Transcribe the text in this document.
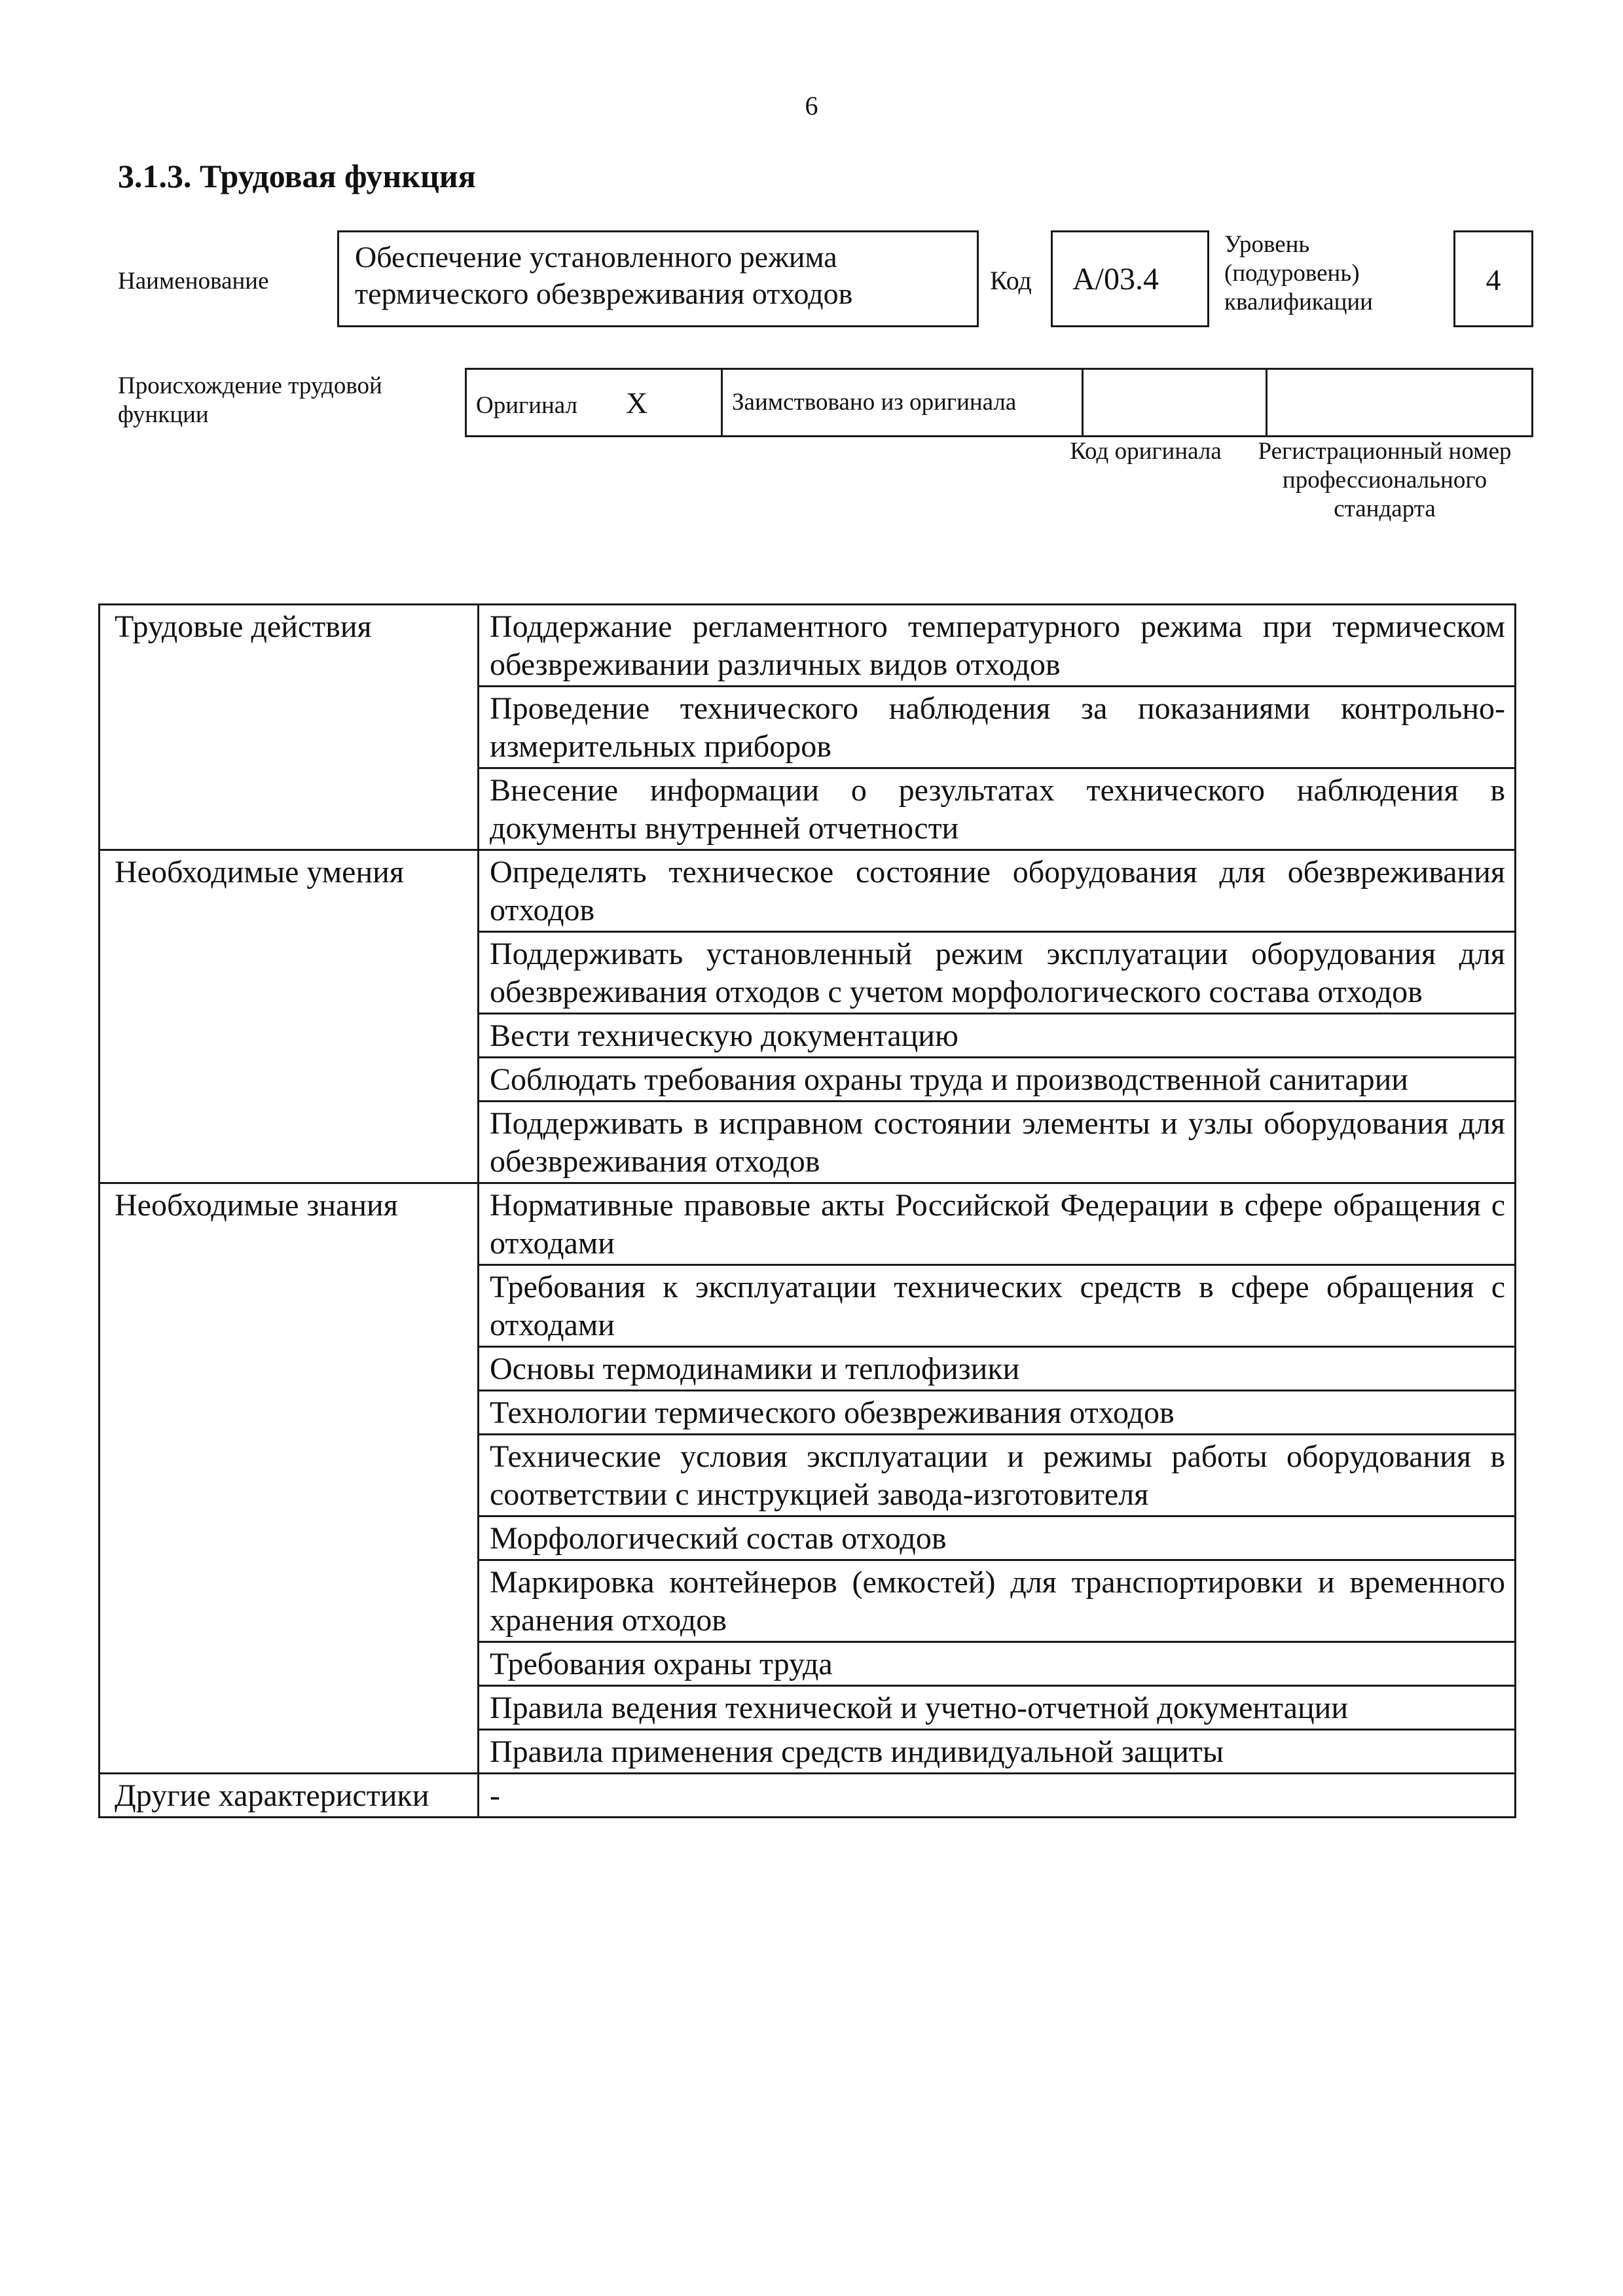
6
3.1.3. Трудовая функция
Наименование
Обеспечение установленного режима термического обезвреживания отходов	Код	A/03.4
Уровень (подуровень) квалификации
4
Происхождение трудовой функции	Оригинал X	Заимствовано из оригинала		
Код оригинала	Регистрационный номер профессионального стандарта
Трудовые действия	Поддержание регламентного температурного режима при термическом обезвреживании различных видов отходов
	Проведение технического наблюдения за показаниями контрольно-измерительных приборов
	Внесение информации о результатах технического наблюдения в документы внутренней отчетности
Необходимые умения	Определять техническое состояние оборудования для обезвреживания отходов
	Поддерживать установленный режим эксплуатации оборудования для обезвреживания отходов с учетом морфологического состава отходов
	Вести техническую документацию
	Соблюдать требования охраны труда и производственной санитарии
	Поддерживать в исправном состоянии элементы и узлы оборудования для обезвреживания отходов
Необходимые знания	Нормативные правовые акты Российской Федерации в сфере обращения с отходами
	Требования к эксплуатации технических средств в сфере обращения с отходами
	Основы термодинамики и теплофизики
	Технологии термического обезвреживания отходов
	Технические условия эксплуатации и режимы работы оборудования в соответствии с инструкцией завода-изготовителя
	Морфологический состав отходов
	Маркировка контейнеров (емкостей) для транспортировки и временного хранения отходов
	Требования охраны труда
	Правила ведения технической и учетно-отчетной документации
	Правила применения средств индивидуальной защиты
Другие характеристики	-
